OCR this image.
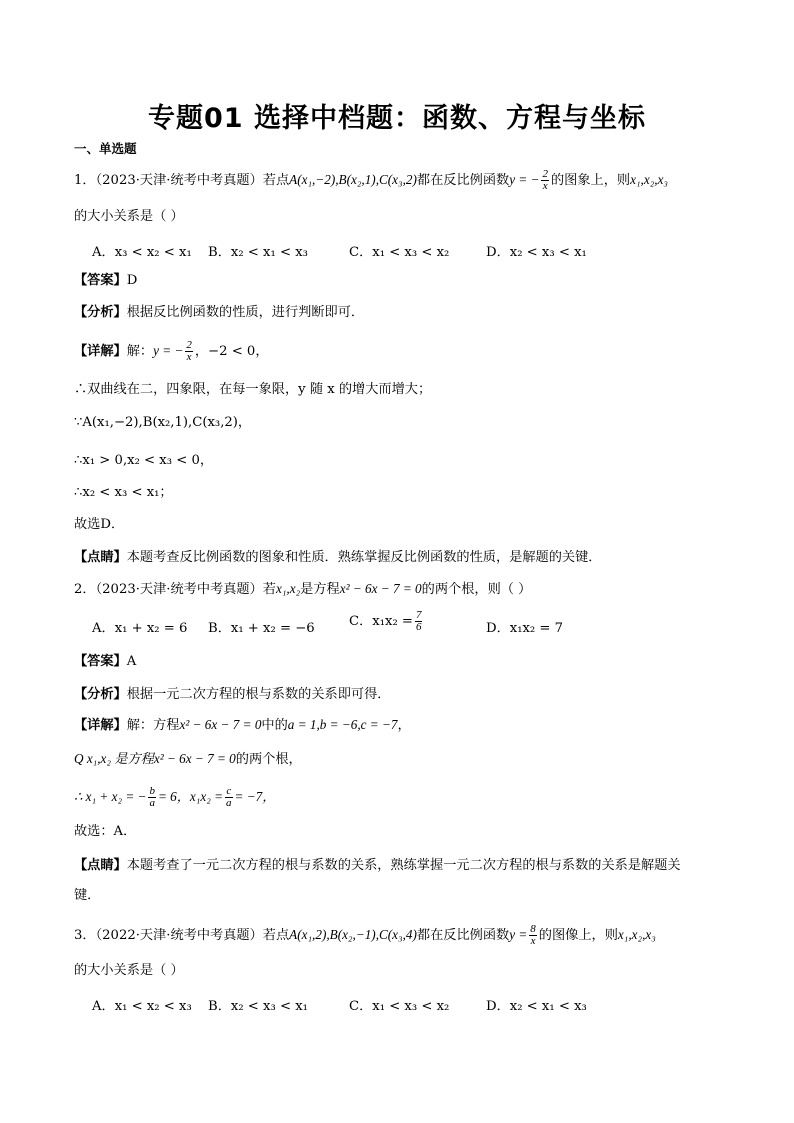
专题01 选择中档题：函数、方程与坐标
一、单选题
1．（2023·天津·统考中考真题）若点A(x₁,−2),B(x₂,1),C(x₃,2)都在反比例函数y = − $\frac{2}{x}$ 的图象上，则x₁,x₂,x₃
的大小关系是（ ）
A．x₃ < x₂ < x₁ B．x₂ < x₁ < x₃	C．x₁ < x₃ < x₂	D．x₂ < x₃ < x₁
【答案】D
【分析】根据反比例函数的性质，进行判断即可．
【详解】解：y = − $\frac{2}{x}$ ，−2 < 0，
∴双曲线在二，四象限，在每一象限，y 随 x 的增大而增大；
∵A(x₁,−2),B(x₂,1),C(x₃,2)，
∴x₁ > 0,x₂ < x₃ < 0，
∴x₂ < x₃ < x₁；
故选D．
【点睛】本题考查反比例函数的图象和性质．熟练掌握反比例函数的性质，是解题的关键．
2．（2023·天津·统考中考真题）若x₁,x₂是方程x² − 6x − 7 = 0的两个根，则（ ）
A．x₁ + x₂ = 6 B．x₁ + x₂ = −6	C．$x_1x_2 = \frac{7}{6}$	D．x₁x₂ = 7
【答案】A
【分析】根据一元二次方程的根与系数的关系即可得．
【详解】解：方程x² − 6x − 7 = 0中的a = 1,b = −6,c = −7，
Q x₁,x₂ 是方程x² − 6x − 7 = 0的两个根，
∴ x₁ + x₂ = − $\frac{b}{a} = 6$，$x_1x_2 = \frac{c}{a} = -7$，
故选：A．
【点睛】本题考查了一元二次方程的根与系数的关系，熟练掌握一元二次方程的根与系数的关系是解题关
键．
3．（2022·天津·统考中考真题）若点A(x₁,2),B(x₂,−1),C(x₃,4)都在反比例函数$y = \frac{8}{x}$ 的图像上，则x₁,x₂,x₃
的大小关系是（ ）
A．x₁ < x₂ < x₃ B．x₂ < x₃ < x₁	C．x₁ < x₃ < x₂	D．x₂ < x₁ < x₃
